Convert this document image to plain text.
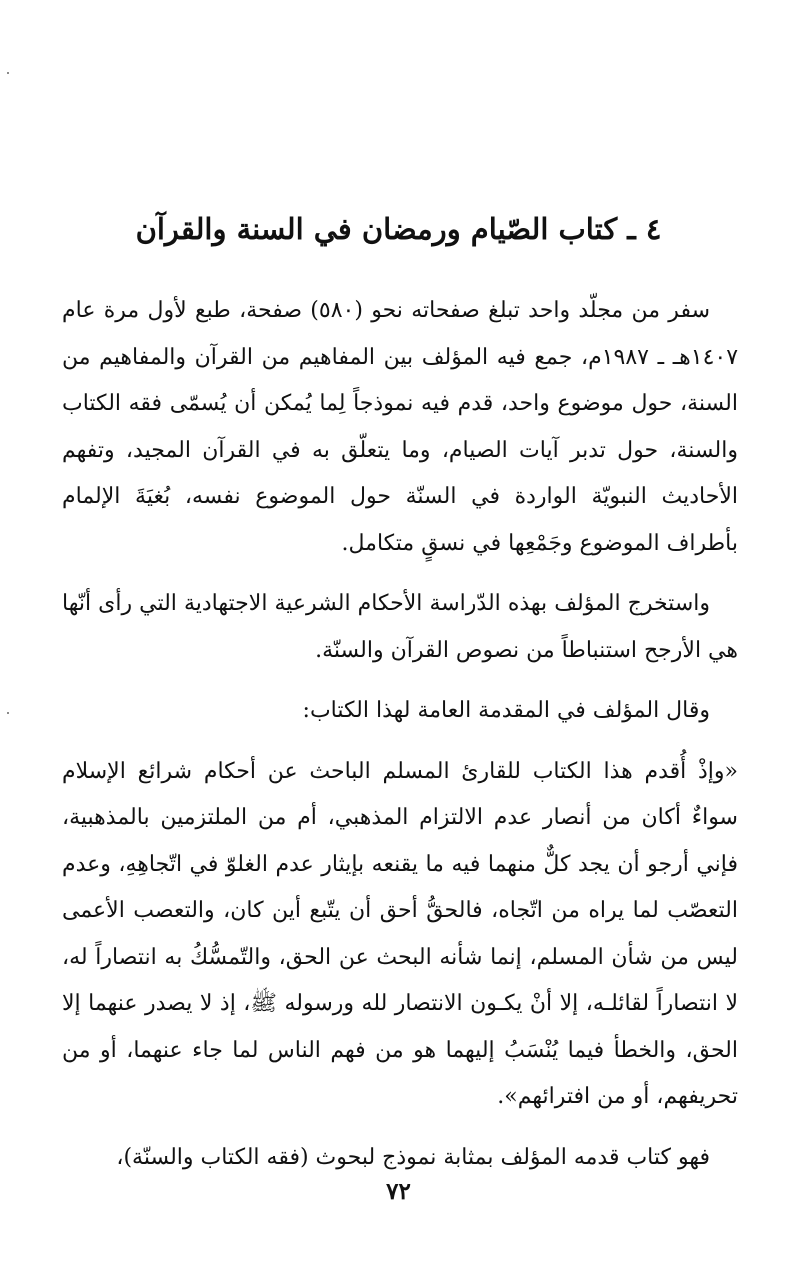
٤ ـ كتاب الصّيام ورمضان في السنة والقرآن

سفر من مجلّد واحد تبلغ صفحاته نحو (٥٨٠) صفحة، طبع لأول مرة عام ١٤٠٧هـ ـ ١٩٨٧م، جمع فيه المؤلف بين المفاهيم من القرآن والمفاهيم من السنة، حول موضوع واحد، قدم فيه نموذجاً لِما يُمكن أن يُسمّى فقه الكتاب والسنة، حول تدبر آيات الصيام، وما يتعلّق به في القرآن المجيد، وتفهم الأحاديث النبويّة الواردة في السنّة حول الموضوع نفسه، بُغيَةَ الإلمام بأطراف الموضوع وجَمْعِها في نسقٍ متكامل.

واستخرج المؤلف بهذه الدّراسة الأحكام الشرعية الاجتهادية التي رأى أنّها هي الأرجح استنباطاً من نصوص القرآن والسنّة.

وقال المؤلف في المقدمة العامة لهذا الكتاب:

«وإذْ أُقدم هذا الكتاب للقارئ المسلم الباحث عن أحكام شرائع الإسلام سواءٌ أكان من أنصار عدم الالتزام المذهبي، أم من الملتزمين بالمذهبية، فإني أرجو أن يجد كلٌّ منهما فيه ما يقنعه بإيثار عدم الغلوّ في اتّجاهِهِ، وعدم التعصّب لما يراه من اتّجاه، فالحقُّ أحق أن يتّبع أين كان، والتعصب الأعمى ليس من شأن المسلم، إنما شأنه البحث عن الحق، والتّمسُّكُ به انتصاراً له، لا انتصاراً لقائلـه، إلا أنْ يكـون الانتصار لله ورسوله ﷺ، إذ لا يصدر عنهما إلا الحق، والخطأ فيما يُنْسَبُ إليهما هو من فهم الناس لما جاء عنهما، أو من تحريفهم، أو من افترائهم».

فهو كتاب قدمه المؤلف بمثابة نموذج لبحوث (فقه الكتاب والسنّة)،

٧٢
